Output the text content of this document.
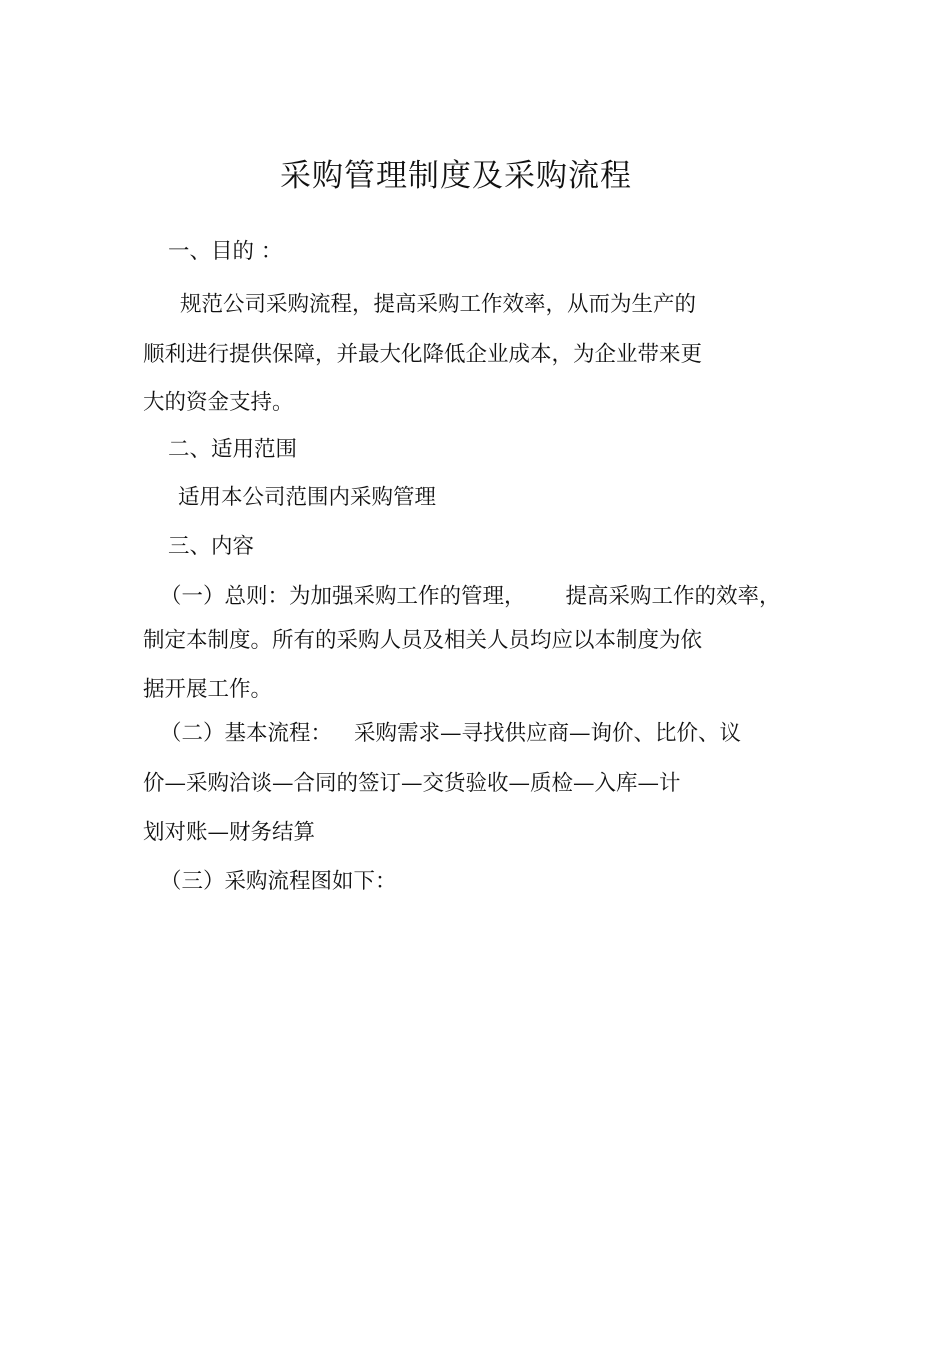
采购管理制度及采购流程
一、目的 ：
规范公司采购流程，提高采购工作效率，从而为生产的
顺利进行提供保障，并最大化降低企业成本，为企业带来更
大的资金支持。
二、适用范围
适用本公司范围内采购管理
三、内容
（一）总则：为加强采购工作的管理， 提高采购工作的效率，
制定本制度。所有的采购人员及相关人员均应以本制度为依
据开展工作。
（二）基本流程： 采购需求—寻找供应商—询价、比价、议
价—采购洽谈—合同的签订—交货验收—质检—入库—计
划对账—财务结算
（三）采购流程图如下：
